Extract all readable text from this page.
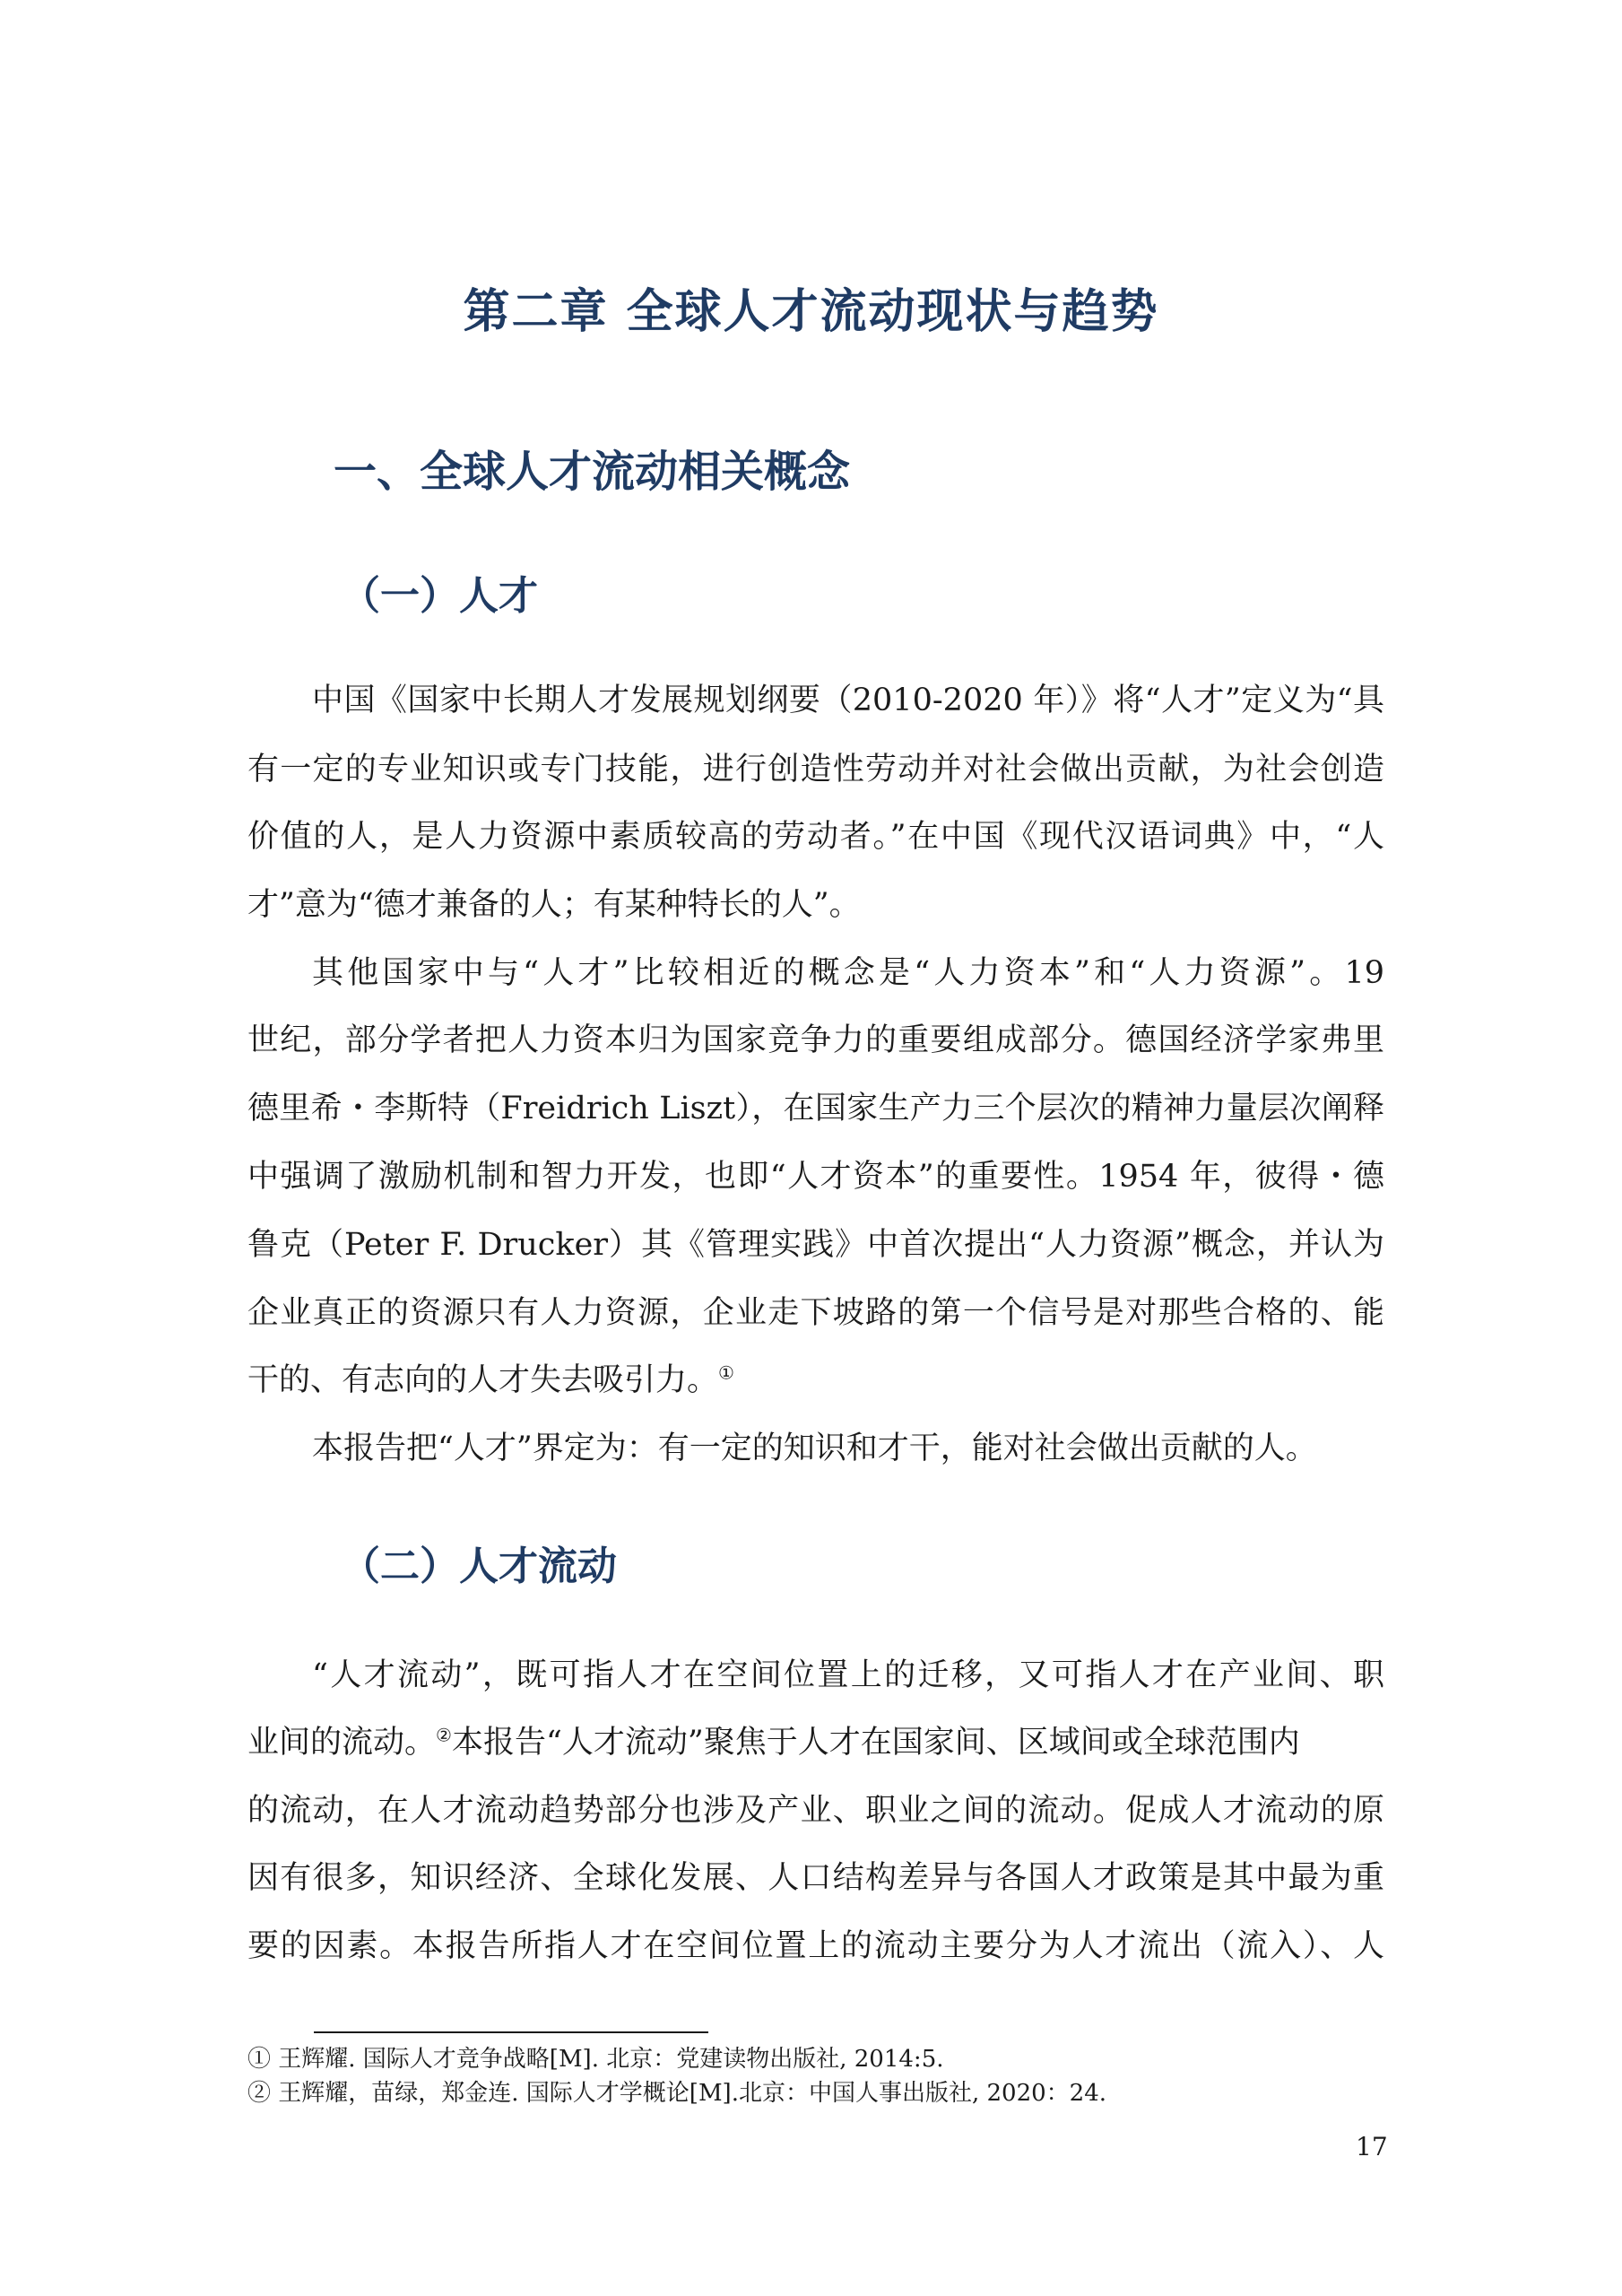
第二章 全球人才流动现状与趋势
一、全球人才流动相关概念
（一）人才
中国《国家中长期人才发展规划纲要（2010-2020 年）》将“人才”定义为“具
有一定的专业知识或专门技能，进行创造性劳动并对社会做出贡献，为社会创造
价值的人，是人力资源中素质较高的劳动者。”在中国《现代汉语词典》中，“人
才”意为“德才兼备的人；有某种特长的人”。
其他国家中与“人才”比较相近的概念是“人力资本”和“人力资源”。19
世纪，部分学者把人力资本归为国家竞争力的重要组成部分。德国经济学家弗里
德里希・李斯特（Freidrich Liszt），在国家生产力三个层次的精神力量层次阐释
中强调了激励机制和智力开发，也即“人才资本”的重要性。1954 年，彼得・德
鲁克（Peter F. Drucker）其《管理实践》中首次提出“人力资源”概念，并认为
企业真正的资源只有人力资源，企业走下坡路的第一个信号是对那些合格的、能
干的、有志向的人才失去吸引力。①
本报告把“人才”界定为：有一定的知识和才干，能对社会做出贡献的人。
（二）人才流动
“人才流动”，既可指人才在空间位置上的迁移，又可指人才在产业间、职
业间的流动。②本报告“人才流动”聚焦于人才在国家间、区域间或全球范围内
的流动，在人才流动趋势部分也涉及产业、职业之间的流动。促成人才流动的原
因有很多，知识经济、全球化发展、人口结构差异与各国人才政策是其中最为重
要的因素。本报告所指人才在空间位置上的流动主要分为人才流出（流入）、人
① 王辉耀. 国际人才竞争战略[M]. 北京：党建读物出版社, 2014:5.
② 王辉耀，苗绿，郑金连. 国际人才学概论[M].北京：中国人事出版社, 2020：24.
17
